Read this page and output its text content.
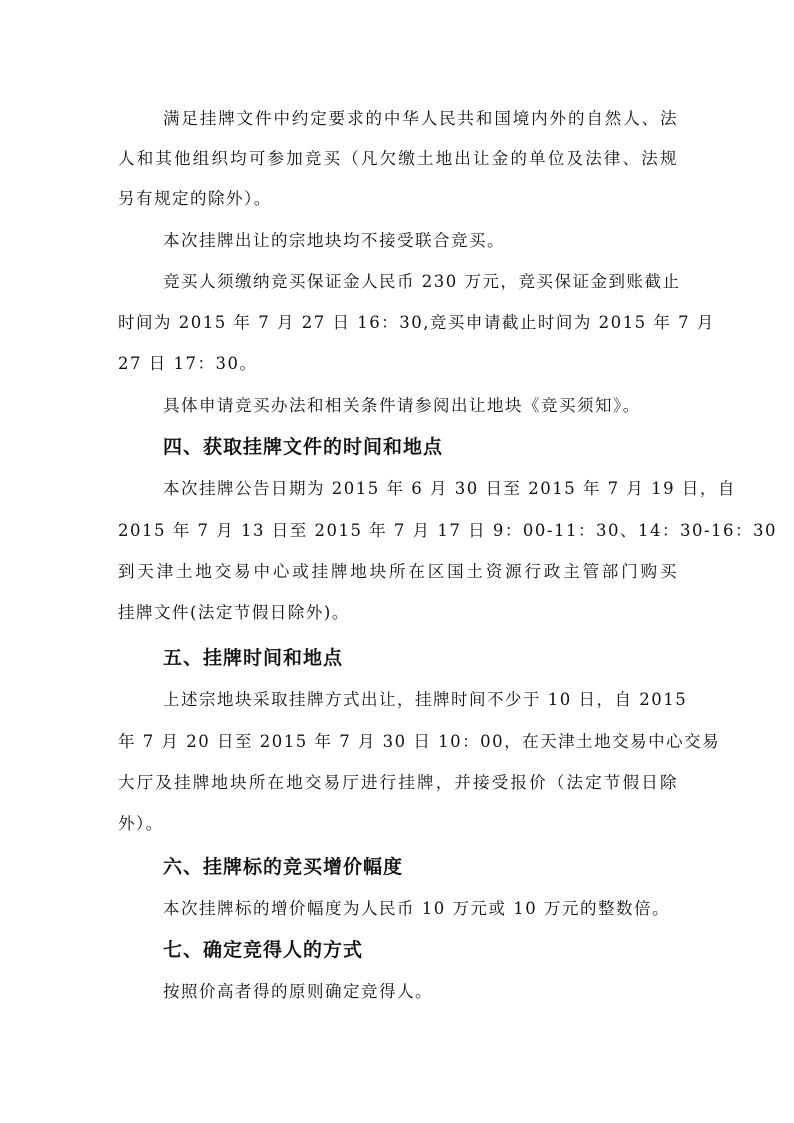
满足挂牌文件中约定要求的中华人民共和国境内外的自然人、法
人和其他组织均可参加竞买（凡欠缴土地出让金的单位及法律、法规
另有规定的除外）。
本次挂牌出让的宗地块均不接受联合竞买。
竞买人须缴纳竞买保证金人民币 230 万元，竞买保证金到账截止
时间为 2015 年 7 月 27 日 16：30,竞买申请截止时间为 2015 年 7 月
27 日 17：30。
具体申请竞买办法和相关条件请参阅出让地块《竞买须知》。
四、获取挂牌文件的时间和地点
本次挂牌公告日期为 2015 年 6 月 30 日至 2015 年 7 月 19 日，自
2015 年 7 月 13 日至 2015 年 7 月 17 日 9：00-11：30、14：30-16：30
到天津土地交易中心或挂牌地块所在区国土资源行政主管部门购买
挂牌文件(法定节假日除外)。
五、挂牌时间和地点
上述宗地块采取挂牌方式出让，挂牌时间不少于 10 日，自 2015
年 7 月 20 日至 2015 年 7 月 30 日 10：00，在天津土地交易中心交易
大厅及挂牌地块所在地交易厅进行挂牌，并接受报价（法定节假日除
外）。
六、挂牌标的竞买增价幅度
本次挂牌标的增价幅度为人民币 10 万元或 10 万元的整数倍。
七、确定竞得人的方式
按照价高者得的原则确定竞得人。
